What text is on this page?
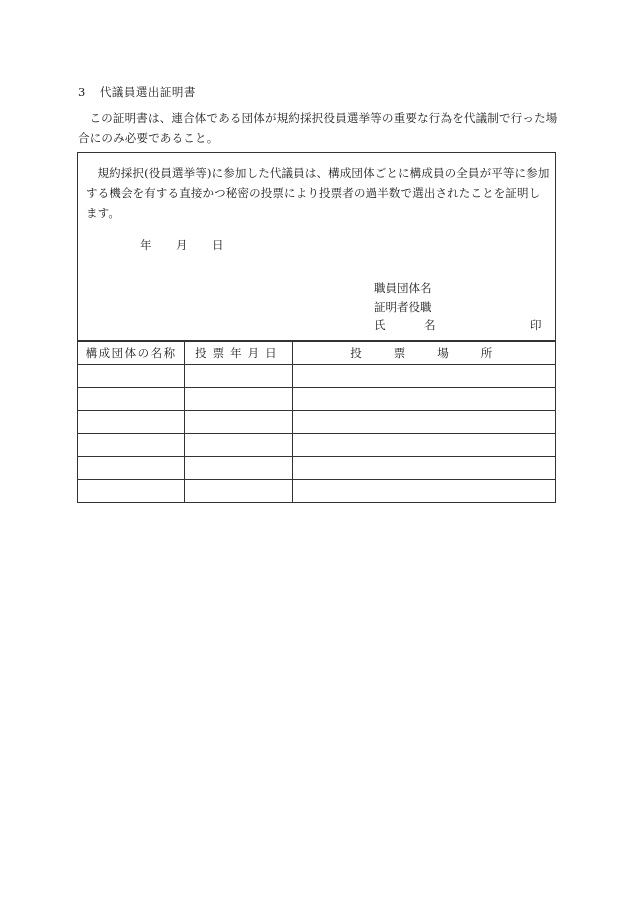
3 代議員選出証明書
この証明書は、連合体である団体が規約採択役員選挙等の重要な行為を代議制で行った場合にのみ必要であること。
規約採択(役員選挙等)に参加した代議員は、構成団体ごとに構成員の全員が平等に参加する機会を有する直接かつ秘密の投票により投票者の過半数で選出されたことを証明します。
年 月 日
職員団体名
証明者役職
氏	名	印
構成団体の名称	投票年月日	投票場所
